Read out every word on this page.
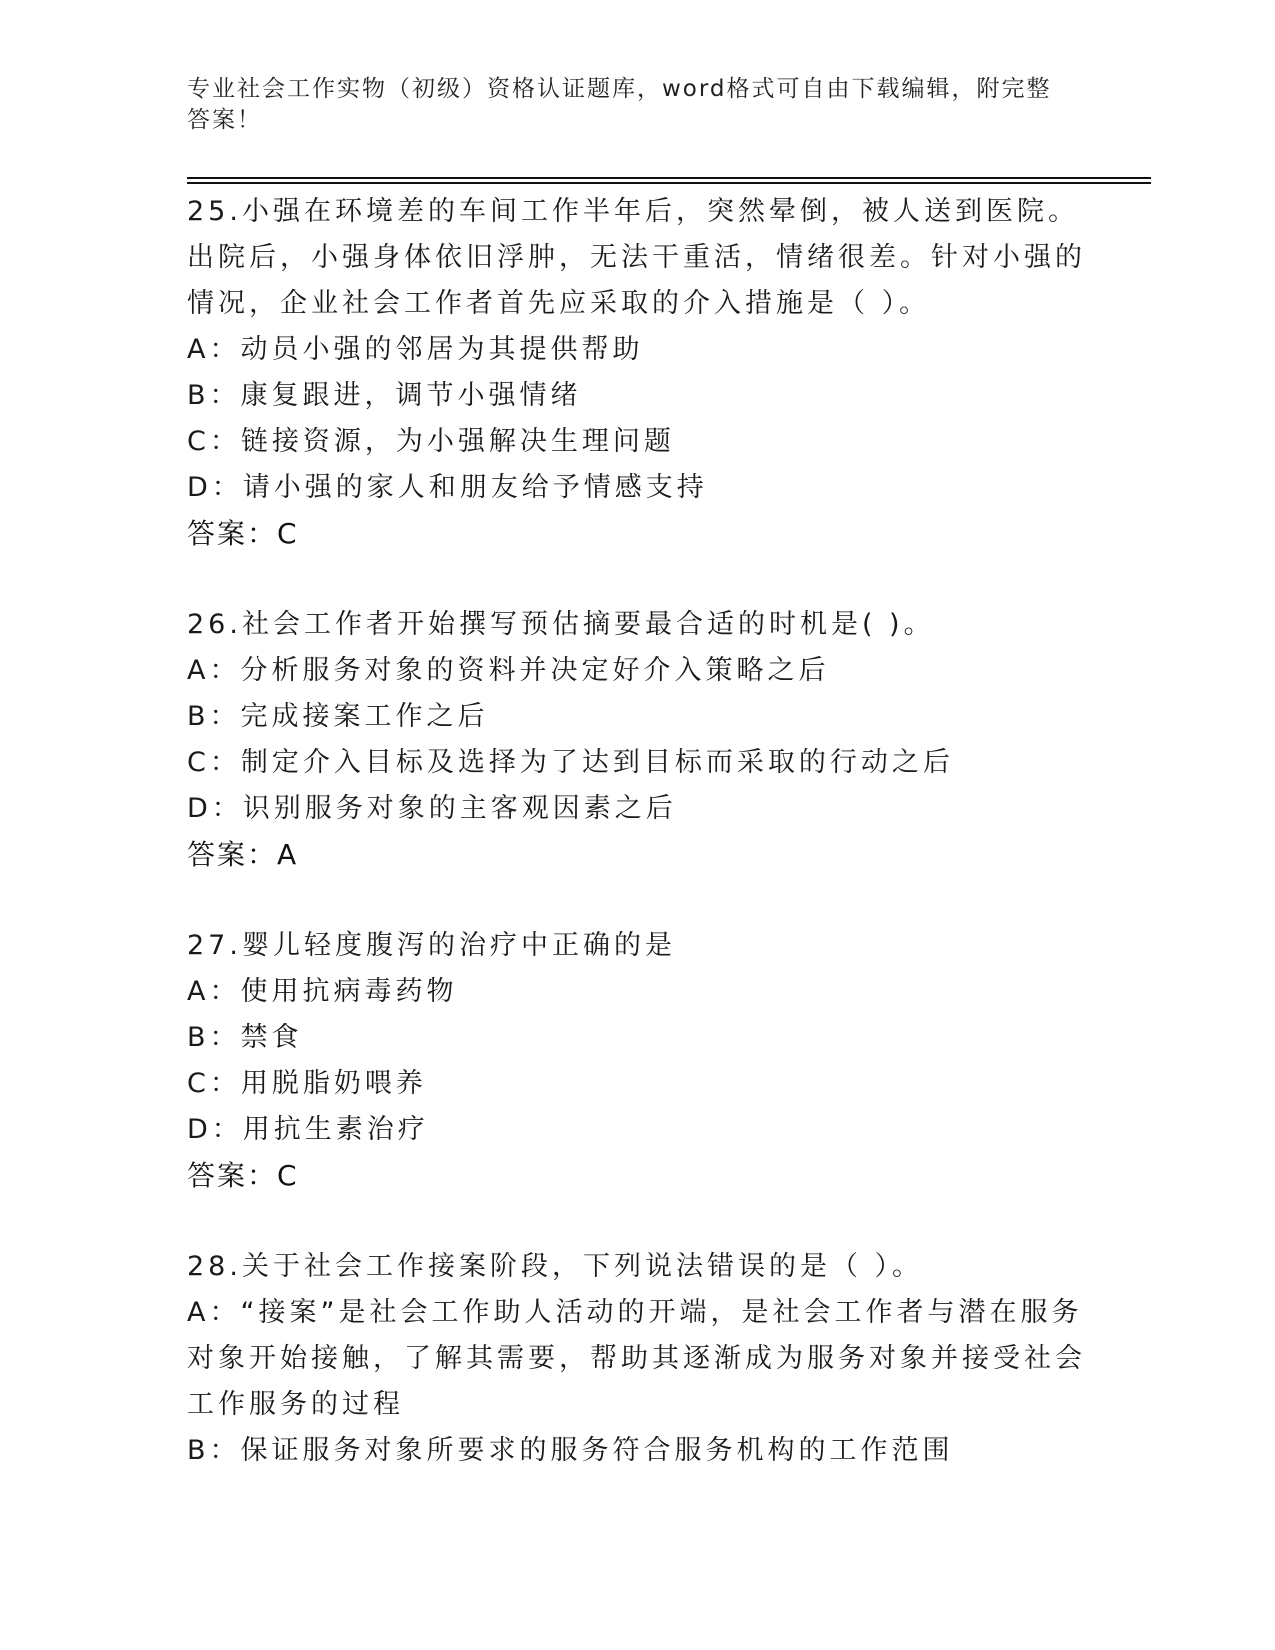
专业社会工作实物（初级）资格认证题库，word格式可自由下载编辑，附完整答案！
25.小强在环境差的车间工作半年后，突然晕倒，被人送到医院。出院后，小强身体依旧浮肿，无法干重活，情绪很差。针对小强的情况，企业社会工作者首先应采取的介入措施是（ ）。
A： 动员小强的邻居为其提供帮助
B： 康复跟进，调节小强情绪
C： 链接资源，为小强解决生理问题
D： 请小强的家人和朋友给予情感支持
答案：C
26.社会工作者开始撰写预估摘要最合适的时机是( )。
A： 分析服务对象的资料并决定好介入策略之后
B： 完成接案工作之后
C： 制定介入目标及选择为了达到目标而采取的行动之后
D： 识别服务对象的主客观因素之后
答案：A
27.婴儿轻度腹泻的治疗中正确的是
A： 使用抗病毒药物
B： 禁食
C： 用脱脂奶喂养
D： 用抗生素治疗
答案：C
28.关于社会工作接案阶段，下列说法错误的是（ ）。
A：“接案”是社会工作助人活动的开端，是社会工作者与潜在服务对象开始接触，了解其需要，帮助其逐渐成为服务对象并接受社会工作服务的过程
B： 保证服务对象所要求的服务符合服务机构的工作范围
